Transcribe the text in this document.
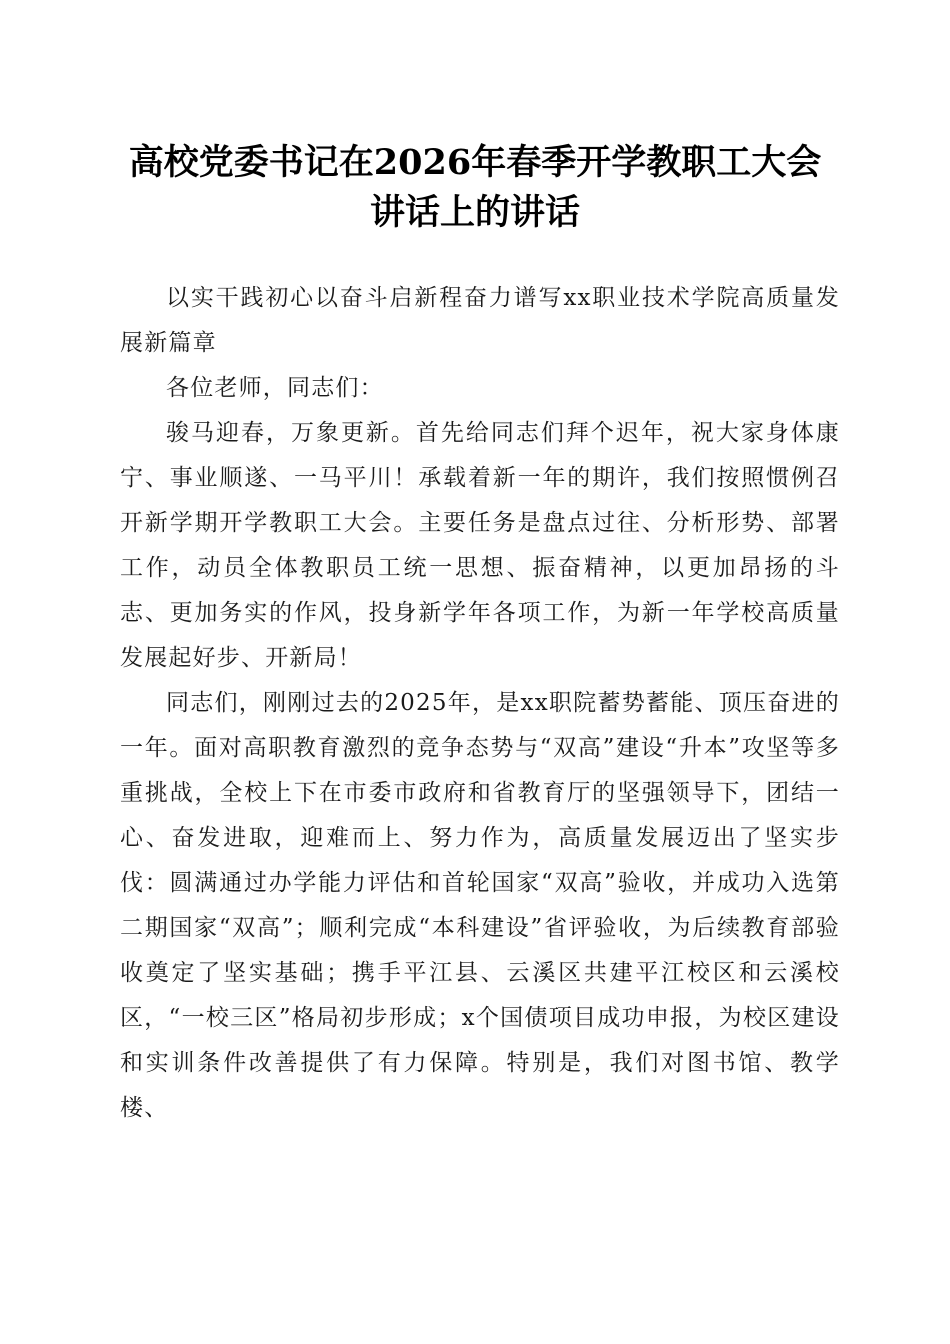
高校党委书记在2026年春季开学教职工大会
讲话上的讲话

以实干践初心以奋斗启新程奋力谱写xx职业技术学院高质量发展新篇章

各位老师，同志们：

骏马迎春，万象更新。首先给同志们拜个迟年，祝大家身体康宁、事业顺遂、一马平川！承载着新一年的期许，我们按照惯例召开新学期开学教职工大会。主要任务是盘点过往、分析形势、部署工作，动员全体教职员工统一思想、振奋精神，以更加昂扬的斗志、更加务实的作风，投身新学年各项工作，为新一年学校高质量发展起好步、开新局！

同志们，刚刚过去的2025年，是xx职院蓄势蓄能、顶压奋进的一年。面对高职教育激烈的竞争态势与“双高”建设“升本”攻坚等多重挑战，全校上下在市委市政府和省教育厅的坚强领导下，团结一心、奋发进取，迎难而上、努力作为，高质量发展迈出了坚实步伐：圆满通过办学能力评估和首轮国家“双高”验收，并成功入选第二期国家“双高”；顺利完成“本科建设”省评验收，为后续教育部验收奠定了坚实基础；携手平江县、云溪区共建平江校区和云溪校区，“一校三区”格局初步形成；x个国债项目成功申报，为校区建设和实训条件改善提供了有力保障。特别是，我们对图书馆、教学楼、
